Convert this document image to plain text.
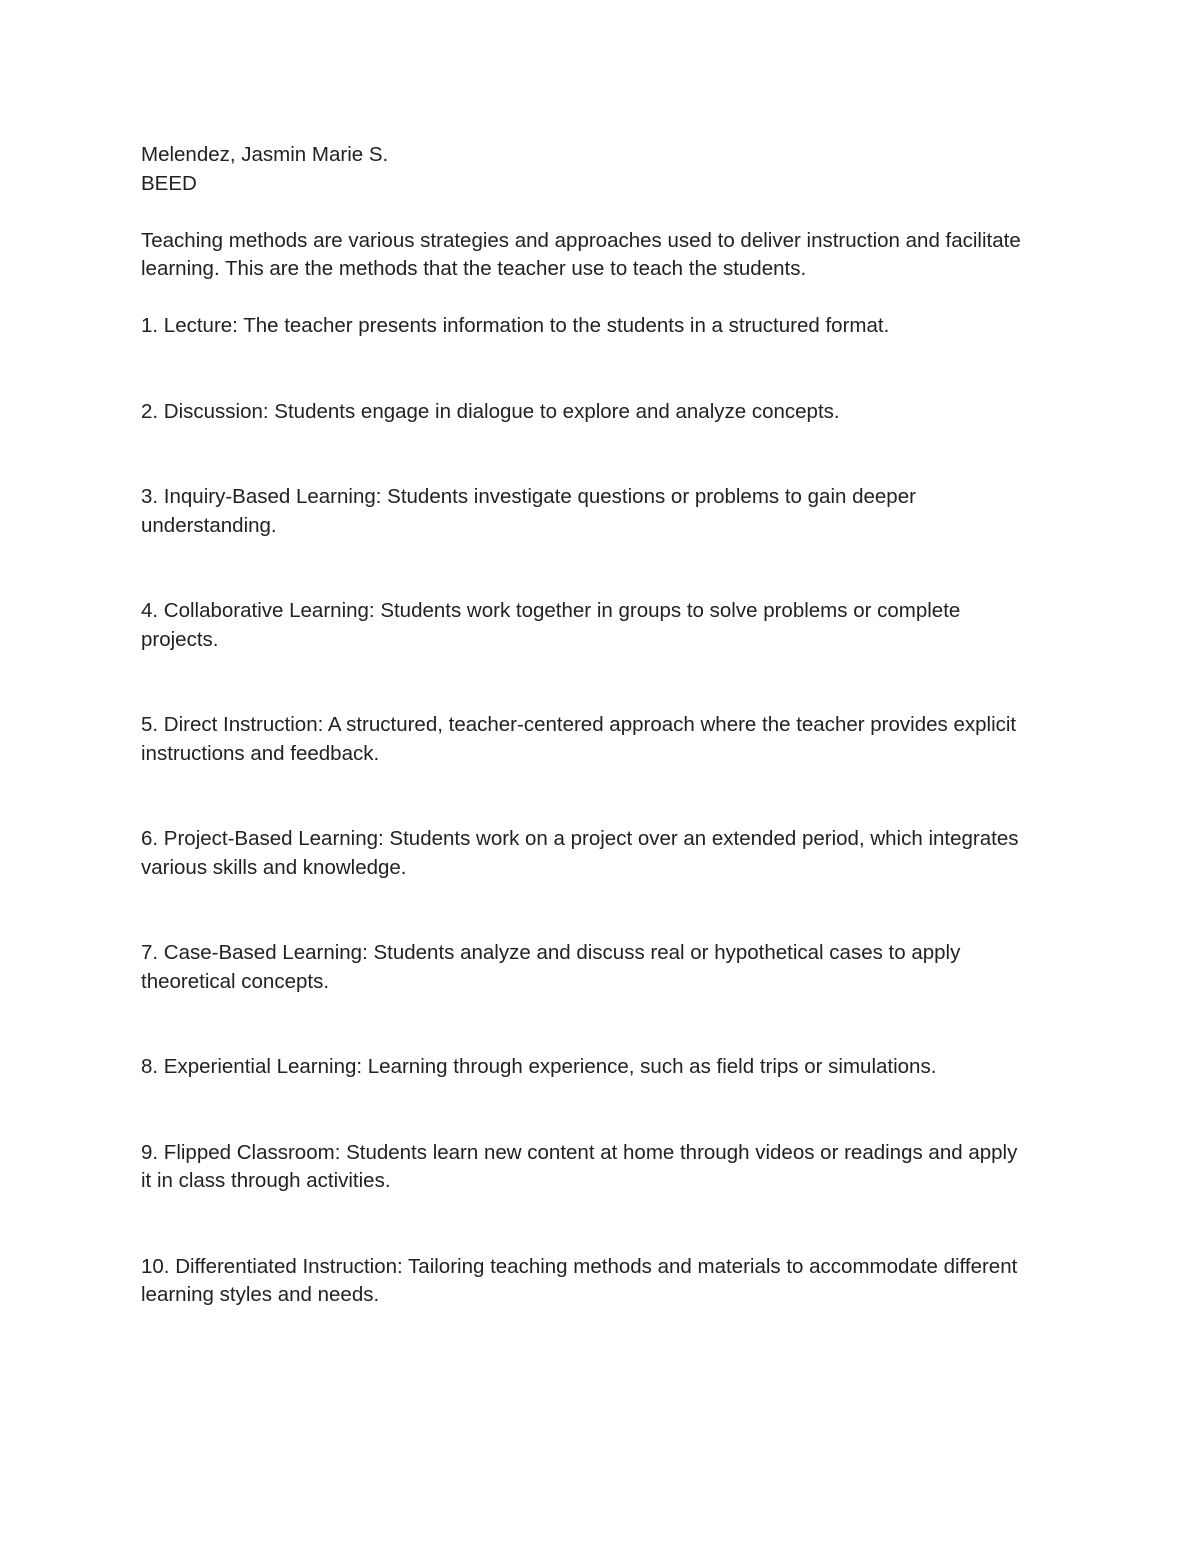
Melendez, Jasmin Marie S.

BEED

Teaching methods are various strategies and approaches used to deliver instruction and facilitate learning. This are the methods that the teacher use to teach the students.

1. Lecture: The teacher presents information to the students in a structured format.
2. Discussion: Students engage in dialogue to explore and analyze concepts.
3. Inquiry-Based Learning: Students investigate questions or problems to gain deeper understanding.
4. Collaborative Learning: Students work together in groups to solve problems or complete projects.
5. Direct Instruction: A structured, teacher-centered approach where the teacher provides explicit instructions and feedback.
6. Project-Based Learning: Students work on a project over an extended period, which integrates various skills and knowledge.
7. Case-Based Learning: Students analyze and discuss real or hypothetical cases to apply theoretical concepts.
8. Experiential Learning: Learning through experience, such as field trips or simulations.
9. Flipped Classroom: Students learn new content at home through videos or readings and apply it in class through activities.
10. Differentiated Instruction: Tailoring teaching methods and materials to accommodate different learning styles and needs.
